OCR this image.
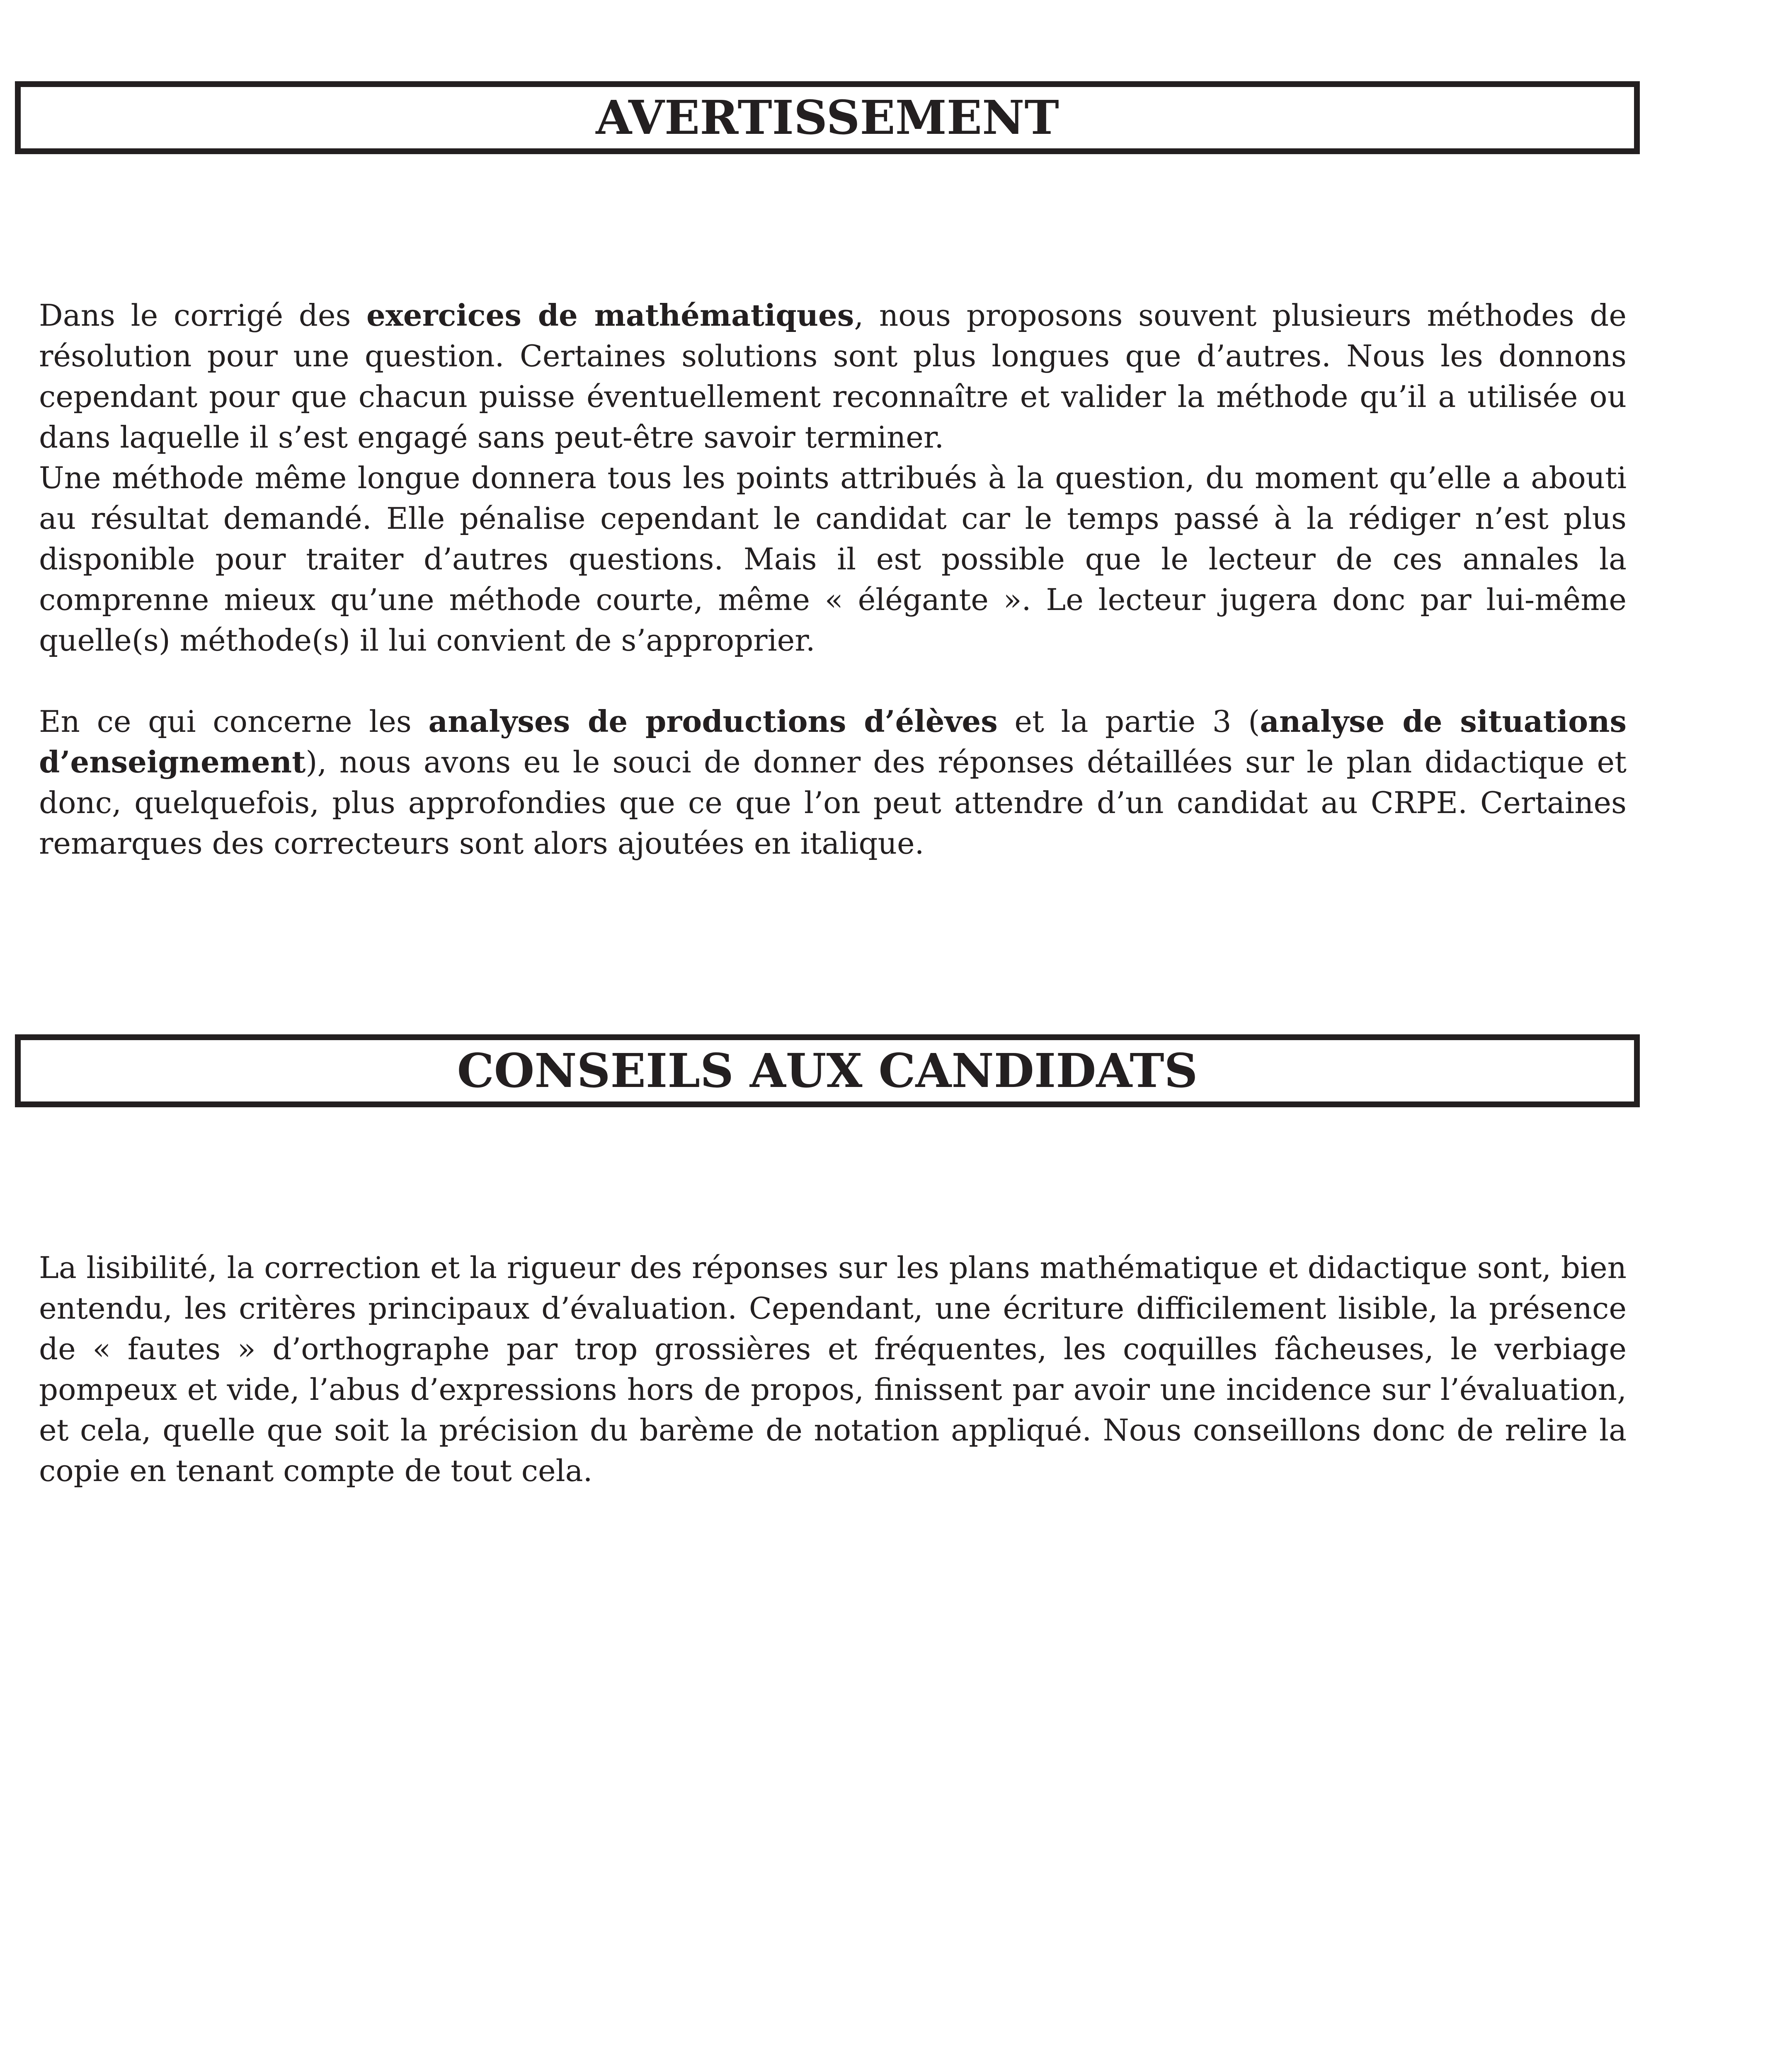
AVERTISSEMENT

Dans le corrigé des exercices de mathématiques, nous proposons souvent plusieurs méthodes de résolution pour une question. Certaines solutions sont plus longues que d’autres. Nous les donnons cependant pour que chacun puisse éventuellement reconnaître et valider la méthode qu’il a utilisée ou dans laquelle il s’est engagé sans peut-être savoir terminer.

Une méthode même longue donnera tous les points attribués à la question, du moment qu’elle a abouti au résultat demandé. Elle pénalise cependant le candidat car le temps passé à la rédiger n’est plus disponible pour traiter d’autres questions. Mais il est possible que le lecteur de ces annales la comprenne mieux qu’une méthode courte, même « élégante ». Le lecteur jugera donc par lui-même quelle(s) méthode(s) il lui convient de s’approprier.

En ce qui concerne les analyses de productions d’élèves et la partie 3 (analyse de situations d’enseignement), nous avons eu le souci de donner des réponses détaillées sur le plan didactique et donc, quelquefois, plus approfondies que ce que l’on peut attendre d’un candidat au CRPE. Certaines remarques des correcteurs sont alors ajoutées en italique.

CONSEILS AUX CANDIDATS

La lisibilité, la correction et la rigueur des réponses sur les plans mathématique et didactique sont, bien entendu, les critères principaux d’évaluation. Cependant, une écriture difficilement lisible, la présence de « fautes » d’orthographe par trop grossières et fréquentes, les coquilles fâcheuses, le verbiage pompeux et vide, l’abus d’expressions hors de propos, finissent par avoir une incidence sur l’évaluation, et cela, quelle que soit la précision du barème de notation appliqué. Nous conseillons donc de relire la copie en tenant compte de tout cela.
